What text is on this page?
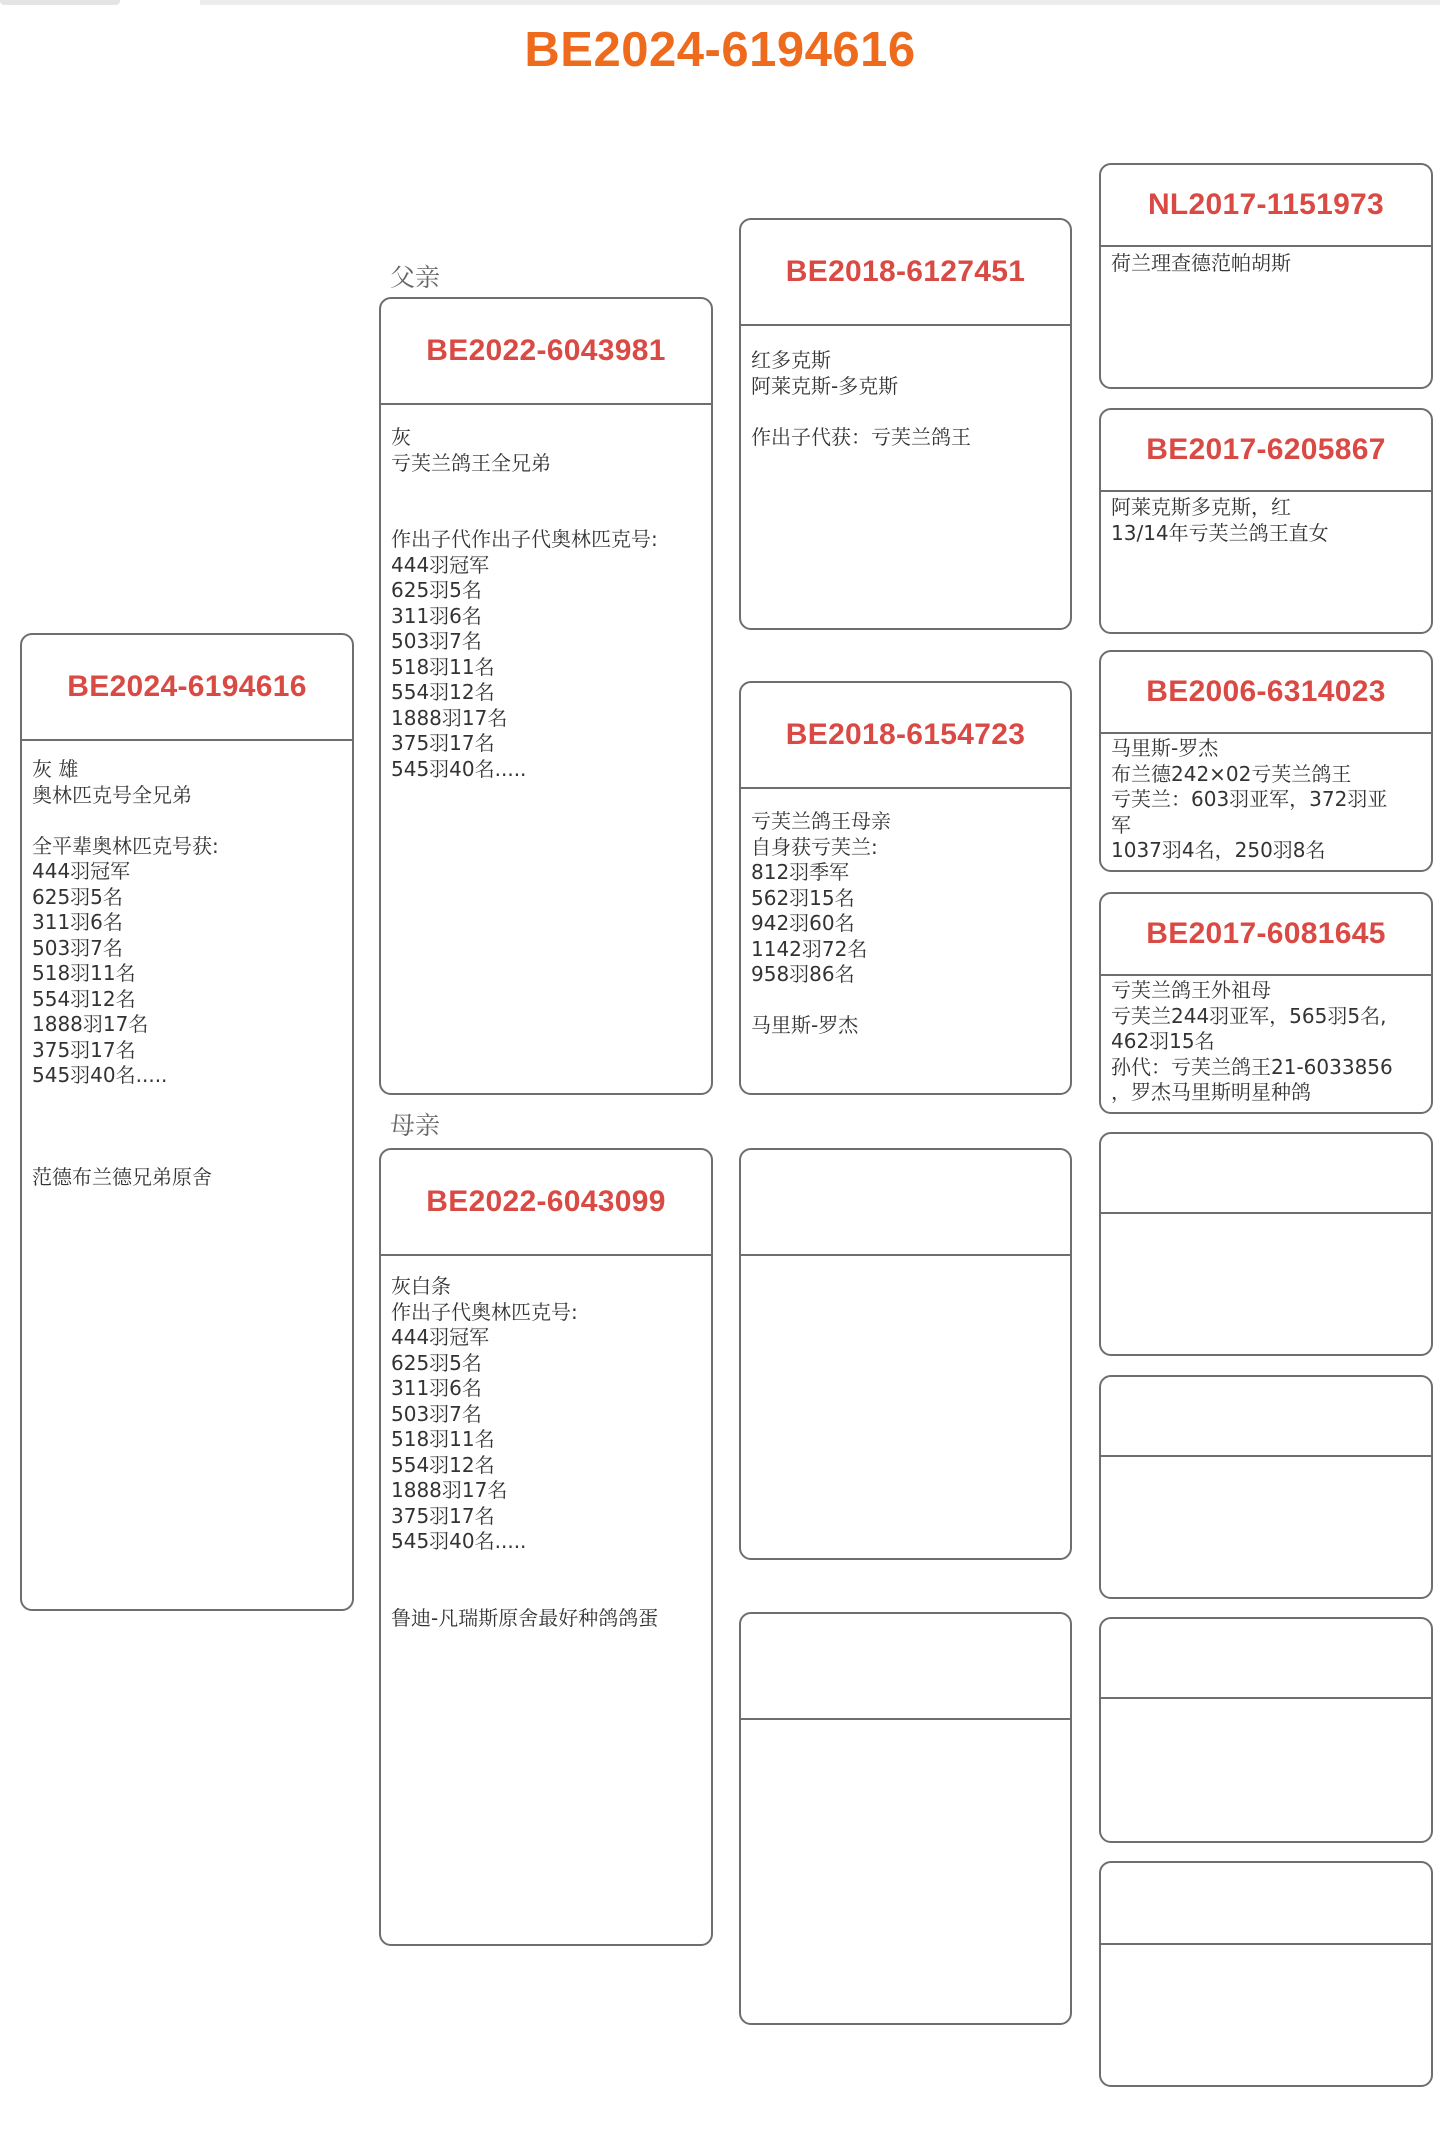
BE2024-6194616
父亲
母亲
BE2024-6194616
灰 雄
奥林匹克号全兄弟
全平辈奥林匹克号获:
444羽冠军
625羽5名
311羽6名
503羽7名
518羽11名
554羽12名
1888羽17名
375羽17名
545羽40名.....
范德布兰德兄弟原舍
BE2022-6043981
灰
亏芙兰鸽王全兄弟
作出子代作出子代奥林匹克号:
444羽冠军
625羽5名
311羽6名
503羽7名
518羽11名
554羽12名
1888羽17名
375羽17名
545羽40名.....
BE2022-6043099
灰白条
作出子代奥林匹克号:
444羽冠军
625羽5名
311羽6名
503羽7名
518羽11名
554羽12名
1888羽17名
375羽17名
545羽40名.....
鲁迪-凡瑞斯原舍最好种鸽鸽蛋
BE2018-6127451
红多克斯
阿莱克斯-多克斯
作出子代获：亏芙兰鸽王
BE2018-6154723
亏芙兰鸽王母亲
自身获亏芙兰:
812羽季军
562羽15名
942羽60名
1142羽72名
958羽86名
马里斯-罗杰
NL2017-1151973
荷兰理查德范帕胡斯
BE2017-6205867
阿莱克斯多克斯，红
13/14年亏芙兰鸽王直女
BE2006-6314023
马里斯-罗杰
布兰德242×02亏芙兰鸽王
亏芙兰：603羽亚军，372羽亚
军
1037羽4名，250羽8名
BE2017-6081645
亏芙兰鸽王外祖母
亏芙兰244羽亚军，565羽5名,
462羽15名
孙代：亏芙兰鸽王21-6033856
，罗杰马里斯明星种鸽
